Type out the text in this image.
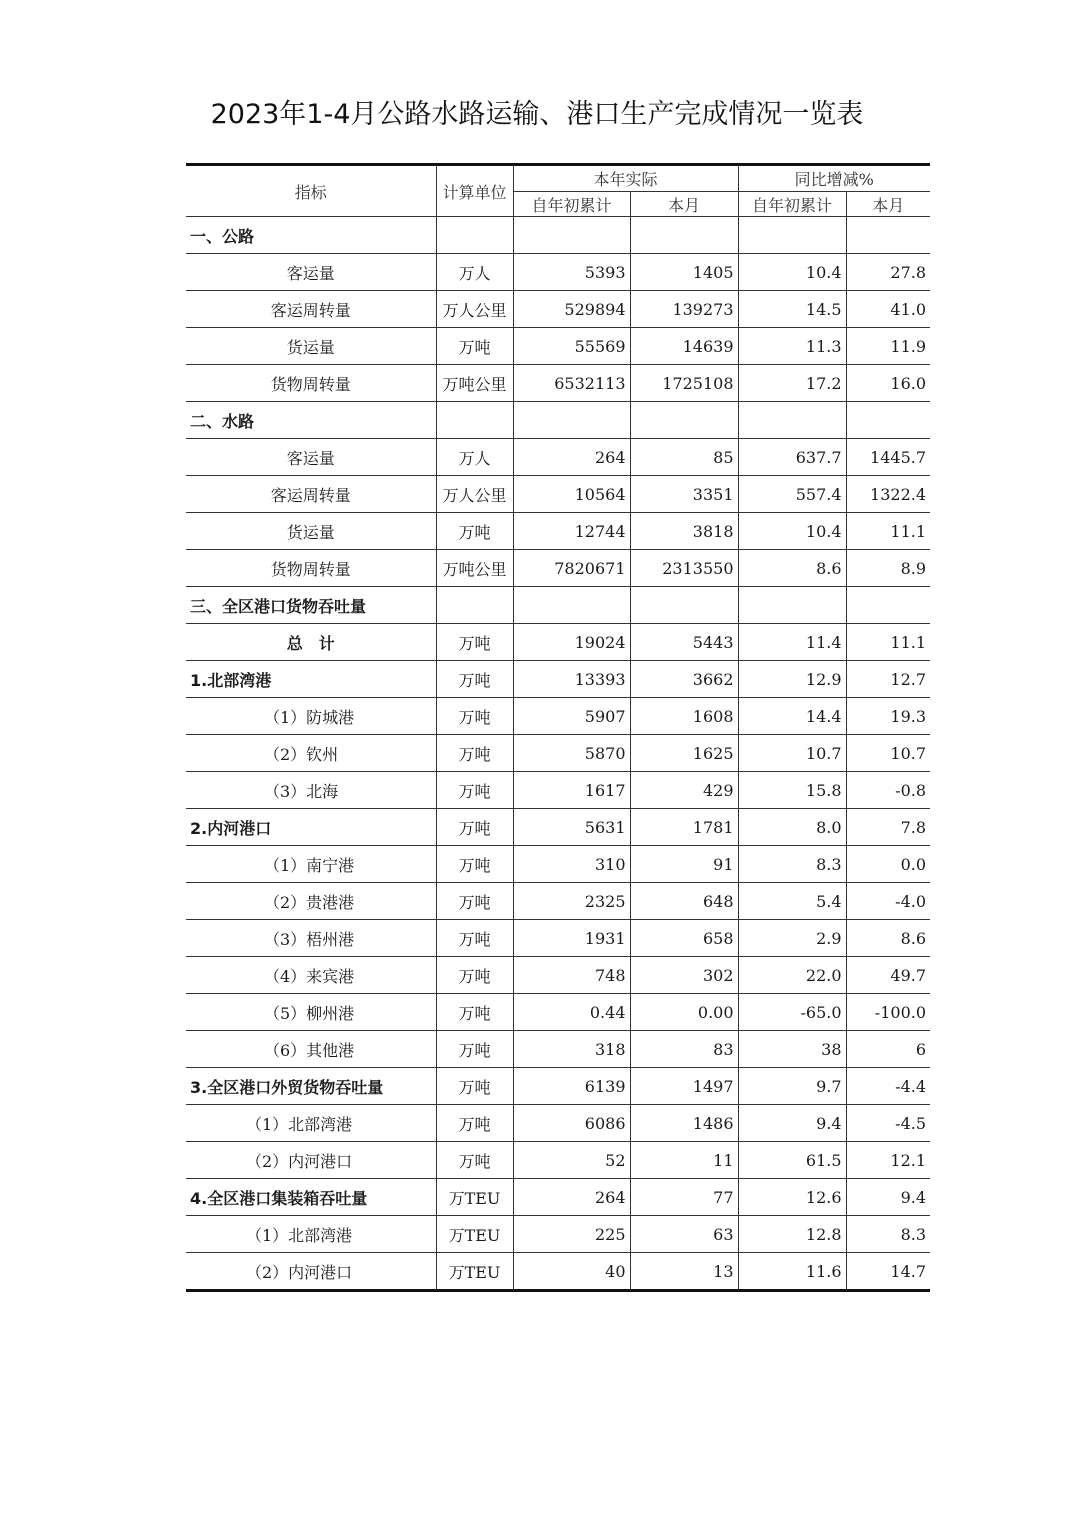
2023年1-4月公路水路运输、港口生产完成情况一览表
指标	计算单位	本年实际		同比增减%	
		自年初累计	本月	自年初累计	本月
一、公路					
客运量	万人	5393	1405	10.4	27.8
客运周转量	万人公里	529894	139273	14.5	41.0
货运量	万吨	55569	14639	11.3	11.9
货物周转量	万吨公里	6532113	1725108	17.2	16.0
二、水路					
客运量	万人	264	85	637.7	1445.7
客运周转量	万人公里	10564	3351	557.4	1322.4
货运量	万吨	12744	3818	10.4	11.1
货物周转量	万吨公里	7820671	2313550	8.6	8.9
三、全区港口货物吞吐量					
总　计	万吨	19024	5443	11.4	11.1
1.北部湾港	万吨	13393	3662	12.9	12.7
（1）防城港	万吨	5907	1608	14.4	19.3
（2）钦州	万吨	5870	1625	10.7	10.7
（3）北海	万吨	1617	429	15.8	-0.8
2.内河港口	万吨	5631	1781	8.0	7.8
（1）南宁港	万吨	310	91	8.3	0.0
（2）贵港港	万吨	2325	648	5.4	-4.0
（3）梧州港	万吨	1931	658	2.9	8.6
（4）来宾港	万吨	748	302	22.0	49.7
（5）柳州港	万吨	0.44	0.00	-65.0	-100.0
（6）其他港	万吨	318	83	38	6
3.全区港口外贸货物吞吐量	万吨	6139	1497	9.7	-4.4
（1）北部湾港	万吨	6086	1486	9.4	-4.5
（2）内河港口	万吨	52	11	61.5	12.1
4.全区港口集装箱吞吐量	万TEU	264	77	12.6	9.4
（1）北部湾港	万TEU	225	63	12.8	8.3
（2）内河港口	万TEU	40	13	11.6	14.7
